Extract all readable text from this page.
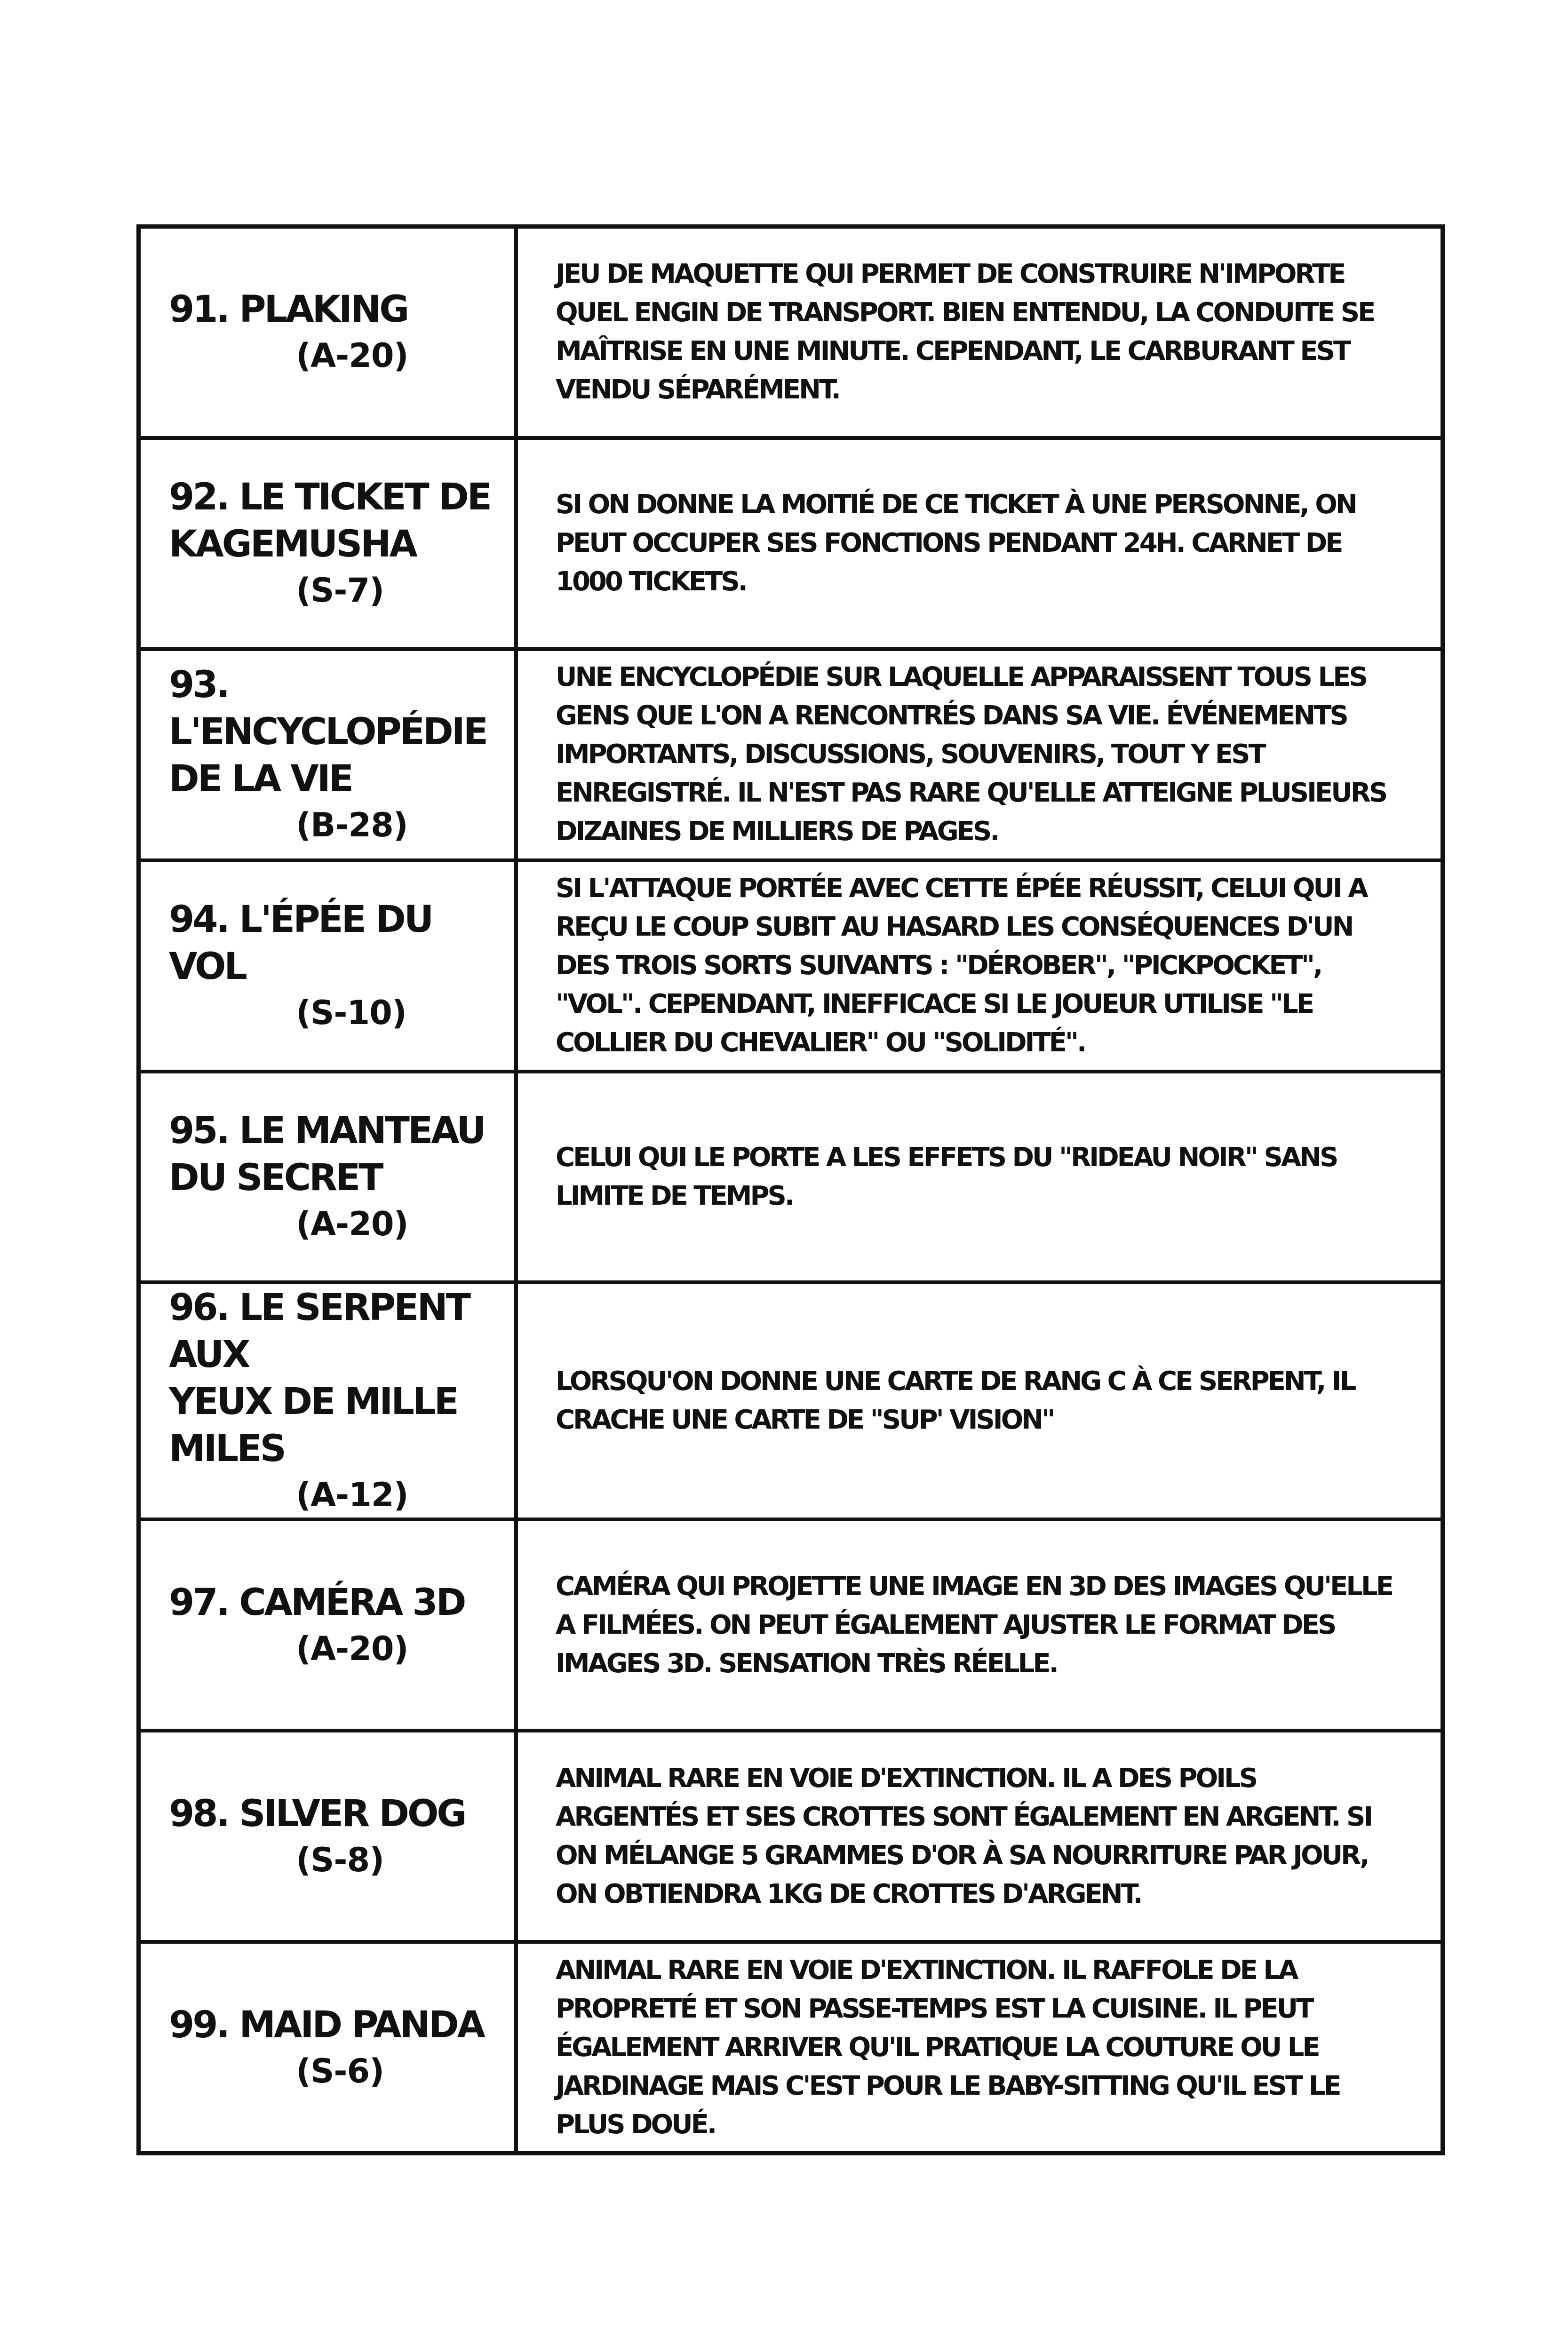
91. PLAKING
(A-20)
JEU DE MAQUETTE QUI PERMET DE CONSTRUIRE N'IMPORTE QUEL ENGIN DE TRANSPORT. BIEN ENTENDU, LA CONDUITE SE MAÎTRISE EN UNE MINUTE. CEPENDANT, LE CARBURANT EST VENDU SÉPARÉMENT.
92. LE TICKET DE
KAGEMUSHA
(S-7)
SI ON DONNE LA MOITIÉ DE CE TICKET À UNE PERSONNE, ON PEUT OCCUPER SES FONCTIONS PENDANT 24H. CARNET DE 1000 TICKETS.
93. L'ENCYCLOPÉDIE
DE LA VIE
(B-28)
UNE ENCYCLOPÉDIE SUR LAQUELLE APPARAISSENT TOUS LES GENS QUE L'ON A RENCONTRÉS DANS SA VIE. ÉVÉNEMENTS IMPORTANTS, DISCUSSIONS, SOUVENIRS, TOUT Y EST ENREGISTRÉ. IL N'EST PAS RARE QU'ELLE ATTEIGNE PLUSIEURS DIZAINES DE MILLIERS DE PAGES.
94. L'ÉPÉE DU VOL
(S-10)
SI L'ATTAQUE PORTÉE AVEC CETTE ÉPÉE RÉUSSIT, CELUI QUI A REÇU LE COUP SUBIT AU HASARD LES CONSÉQUENCES D'UN DES TROIS SORTS SUIVANTS : "DÉROBER", "PICKPOCKET", "VOL". CEPENDANT, INEFFICACE SI LE JOUEUR UTILISE "LE COLLIER DU CHEVALIER" OU "SOLIDITÉ".
95. LE MANTEAU
DU SECRET
(A-20)
CELUI QUI LE PORTE A LES EFFETS DU "RIDEAU NOIR" SANS LIMITE DE TEMPS.
96. LE SERPENT AUX
YEUX DE MILLE MILES
(A-12)
LORSQU'ON DONNE UNE CARTE DE RANG C À CE SERPENT, IL CRACHE UNE CARTE DE "SUP' VISION"
97. CAMÉRA 3D
(A-20)
CAMÉRA QUI PROJETTE UNE IMAGE EN 3D DES IMAGES QU'ELLE A FILMÉES. ON PEUT ÉGALEMENT AJUSTER LE FORMAT DES IMAGES 3D. SENSATION TRÈS RÉELLE.
98. SILVER DOG
(S-8)
ANIMAL RARE EN VOIE D'EXTINCTION. IL A DES POILS ARGENTÉS ET SES CROTTES SONT ÉGALEMENT EN ARGENT. SI ON MÉLANGE 5 GRAMMES D'OR À SA NOURRITURE PAR JOUR, ON OBTIENDRA 1KG DE CROTTES D'ARGENT.
99. MAID PANDA
(S-6)
ANIMAL RARE EN VOIE D'EXTINCTION. IL RAFFOLE DE LA PROPRETÉ ET SON PASSE-TEMPS EST LA CUISINE. IL PEUT ÉGALEMENT ARRIVER QU'IL PRATIQUE LA COUTURE OU LE JARDINAGE MAIS C'EST POUR LE BABY-SITTING QU'IL EST LE PLUS DOUÉ.
